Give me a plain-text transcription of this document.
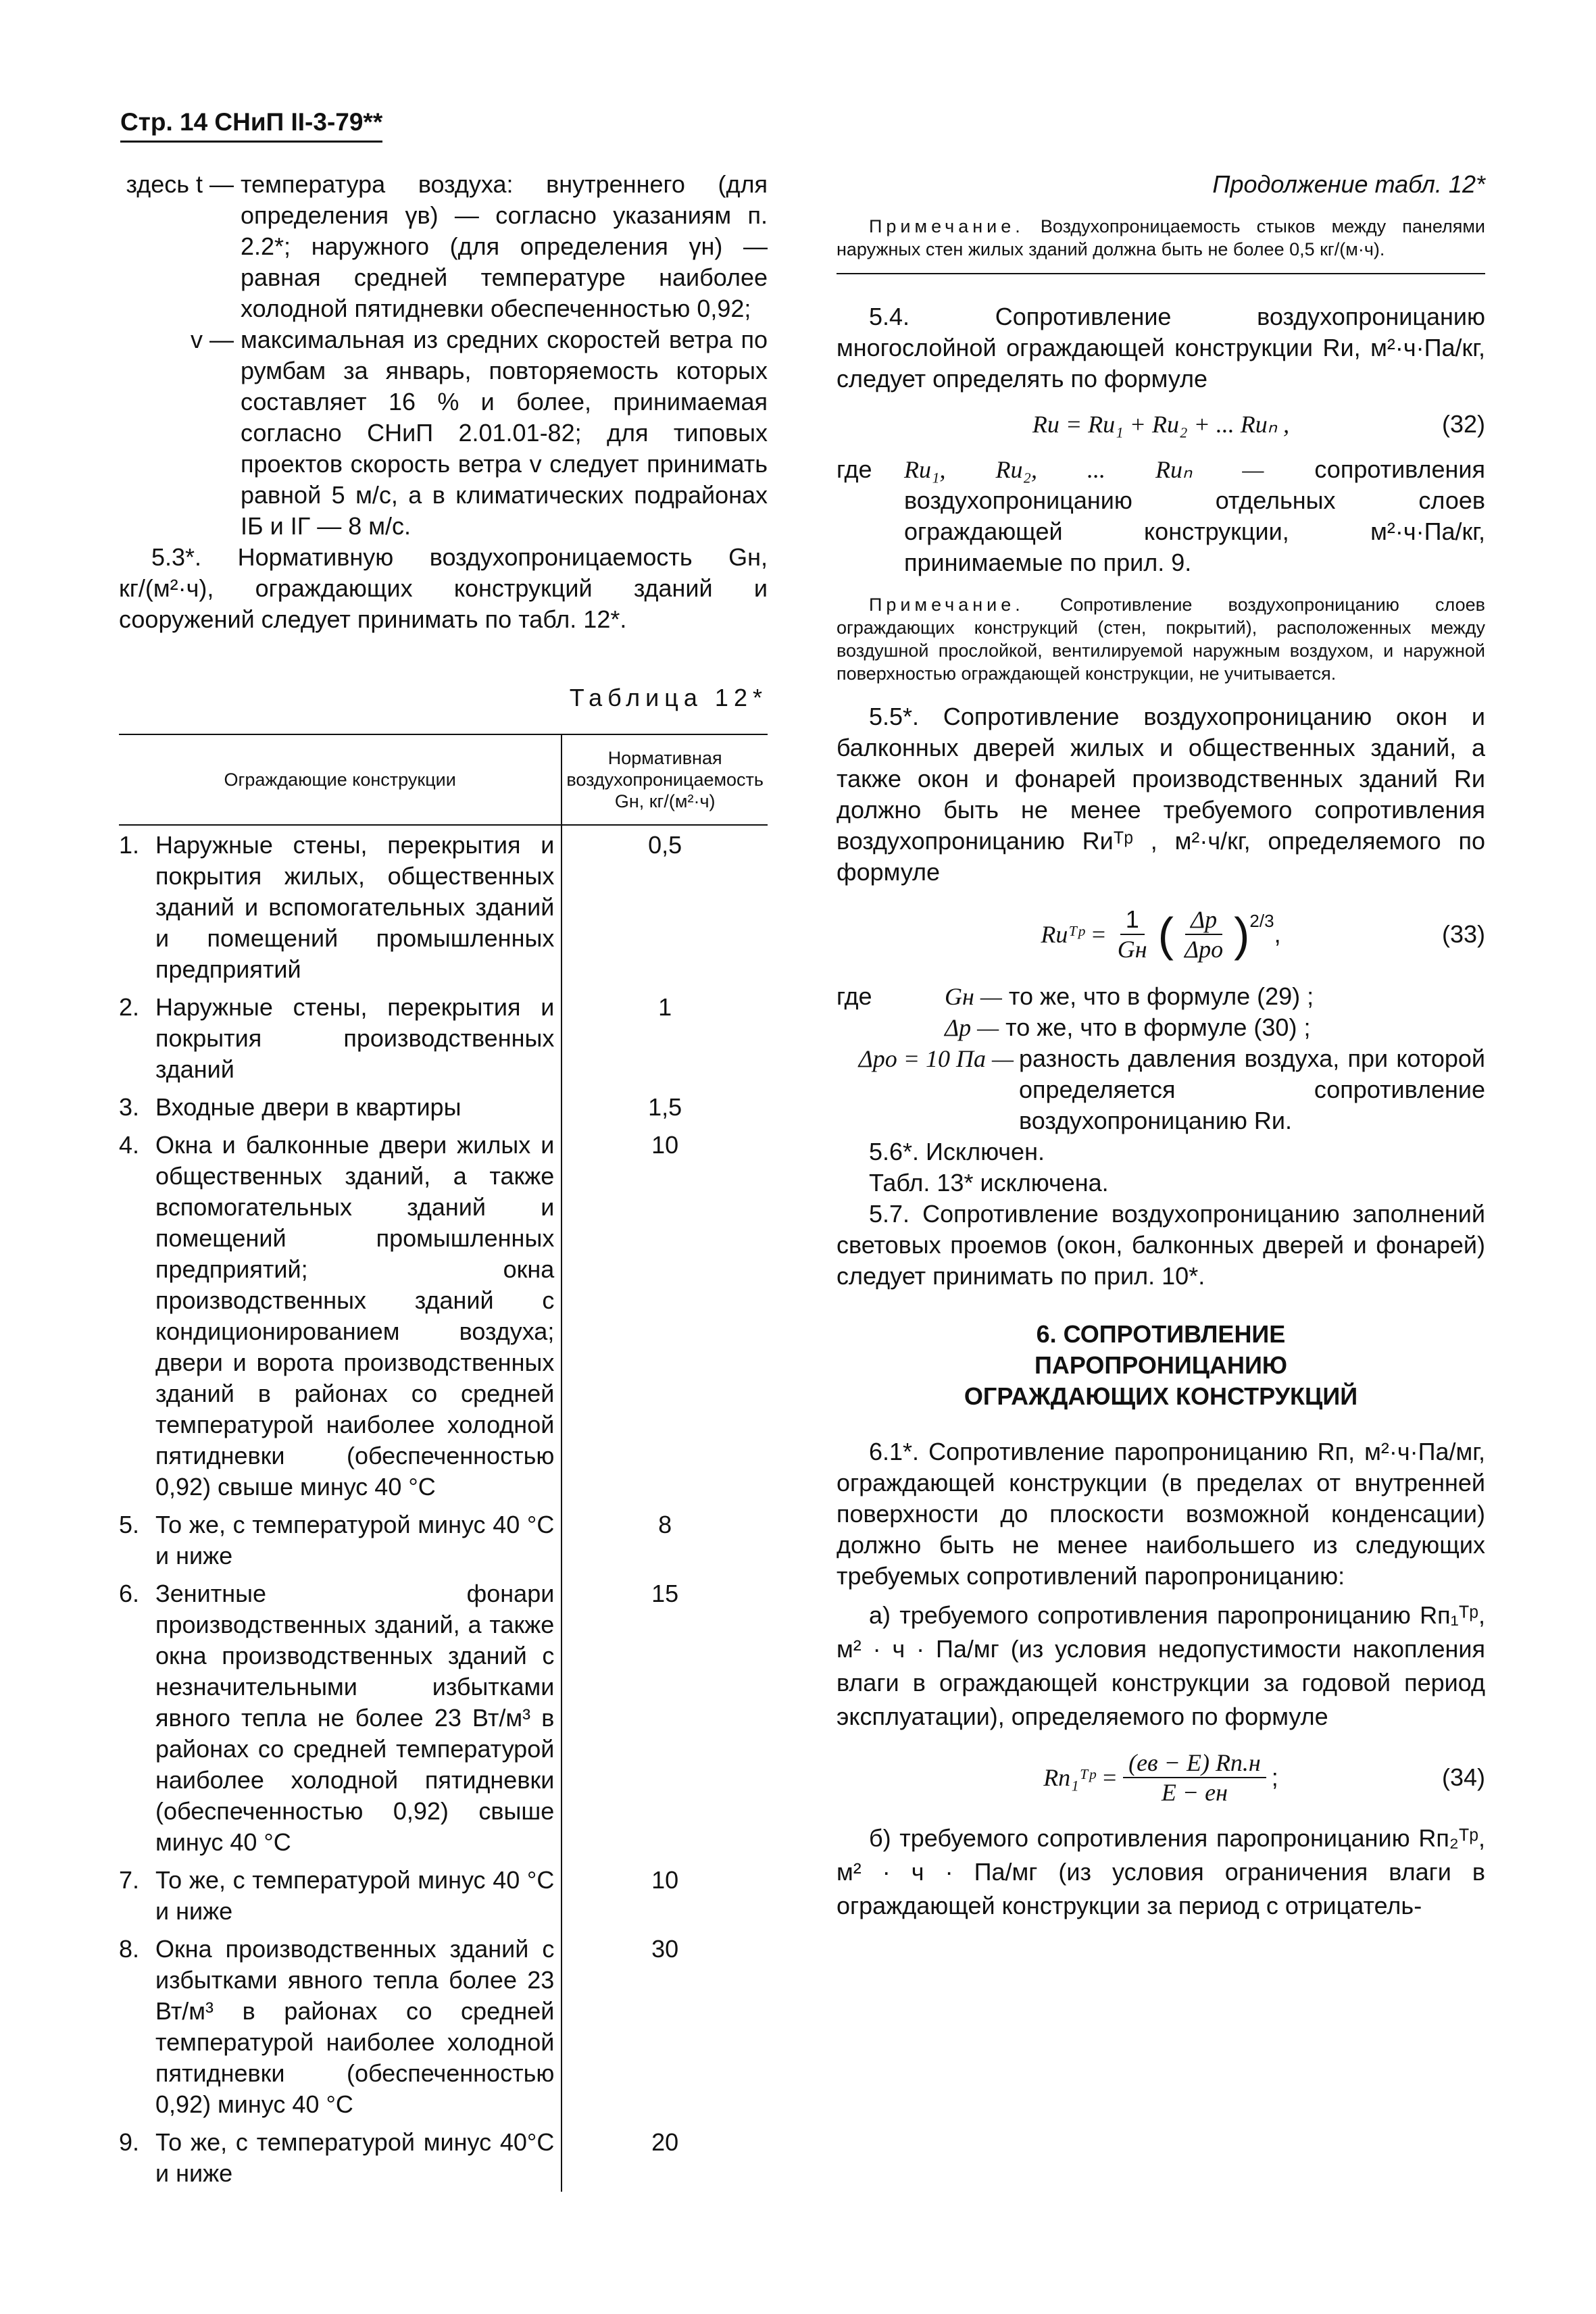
Стр. 14 СНиП II-3-79**
здесь t — температура воздуха: внутреннего (для определения γв) — согласно указаниям п. 2.2*; наружного (для определения γн) — равная средней температуре наиболее холодной пятидневки обеспеченностью 0,92;
v — максимальная из средних скоростей ветра по румбам за январь, повторяемость которых составляет 16 % и более, принимаемая согласно СНиП 2.01.01-82; для типовых проектов скорость ветра v следует принимать равной 5 м/с, а в климатических подрайонах IБ и IГ — 8 м/с.

5.3*. Нормативную воздухопроницаемость Gн, кг/(м²·ч), ограждающих конструкций зданий и сооружений следует принимать по табл. 12*.

Таблица 12*
Ограждающие конструкции	Нормативная воздухопроницаемость Gн, кг/(м²·ч)

1. Наружные стены, перекрытия и покрытия жилых, общественных зданий и вспомогательных зданий и помещений промышленных предприятий	0,5

2. Наружные стены, перекрытия и покрытия производственных зданий	1

3. Входные двери в квартиры	1,5

4. Окна и балконные двери жилых и общественных зданий, а также вспомогательных зданий и помещений промышленных предприятий; окна производственных зданий с кондиционированием воздуха; двери и ворота производственных зданий в районах со средней температурой наиболее холодной пятидневки (обеспеченностью 0,92) свыше минус 40 °С	10

5. То же, с температурой минус 40 °С и ниже	8

6. Зенитные фонари производственных зданий, а также окна производственных зданий с незначительными избытками явного тепла не более 23 Вт/м³ в районах со средней температурой наиболее холодной пятидневки (обеспеченностью 0,92) свыше минус 40 °С	15

7. То же, с температурой минус 40 °С и ниже	10

8. Окна производственных зданий с избытками явного тепла более 23 Вт/м³ в районах со средней температурой наиболее холодной пятидневки (обеспеченностью 0,92) минус 40 °С	30

9. То же, с температурой минус 40°С и ниже	20

Продолжение табл. 12*

Примечание. Воздухопроницаемость стыков между панелями наружных стен жилых зданий должна быть не более 0,5 кг/(м·ч).

5.4. Сопротивление воздухопроницанию многослойной ограждающей конструкции Rи, м²·ч·Па/кг, следует определять по формуле

Rи = Rи₁ + Rи₂ + ... Rиₙ ,	(32)
где	Rи₁, Rи₂, ... Rиₙ — сопротивления воздухопроницанию отдельных слоев ограждающей конструкции, м²·ч·Па/кг, принимаемые по прил. 9.

Примечание. Сопротивление воздухопроницанию слоев ограждающих конструкций (стен, покрытий), расположенных между воздушной прослойкой, вентилируемой наружным воздухом, и наружной поверхностью ограждающей конструкции, не учитывается.

5.5*. Сопротивление воздухопроницанию окон и балконных дверей жилых и общественных зданий, а также окон и фонарей производственных зданий Rи должно быть не менее требуемого сопротивления воздухопроницанию Rиᵀᵖ , м²·ч/кг, определяемого по формуле

Rиᵀᵖ = $\frac{1}{Gн}$ ( $\frac{\Delta p}{\text{Δpо}} )^{2/3}$ ,	(33)
где	Gн — то же, что в формуле (29) ;
Δp — то же, что в формуле (30) ;
Δpо = 10 Па — разность давления воздуха, при которой определяется сопротивление воздухопроницанию Rи.

5.6*. Исключен.

Табл. 13* исключена.

5.7. Сопротивление воздухопроницанию заполнений световых проемов (окон, балконных дверей и фонарей) следует принимать по прил. 10*.

6. СОПРОТИВЛЕНИЕ
ПАРОПРОНИЦАНИЮ
ОГРАЖДАЮЩИХ КОНСТРУКЦИЙ

6.1*. Сопротивление паропроницанию Rп, м²·ч·Па/мг, ограждающей конструкции (в пределах от внутренней поверхности до плоскости возможной конденсации) должно быть не менее наибольшего из следующих требуемых сопротивлений паропроницанию:

а) требуемого сопротивления паропроницанию Rп₁ᵀᵖ, м² · ч · Па/мг (из условия недопустимости накопления влаги в ограждающей конструкции за годовой период эксплуатации), определяемого по формуле

Rп₁ᵀᵖ = $\frac{(eв - E) Rп.н}{E - eн}$ ;	(34)

б) требуемого сопротивления паропроницанию Rп₂ᵀᵖ, м² · ч · Па/мг (из условия ограничения влаги в ограждающей конструкции за период с отрицатель-
